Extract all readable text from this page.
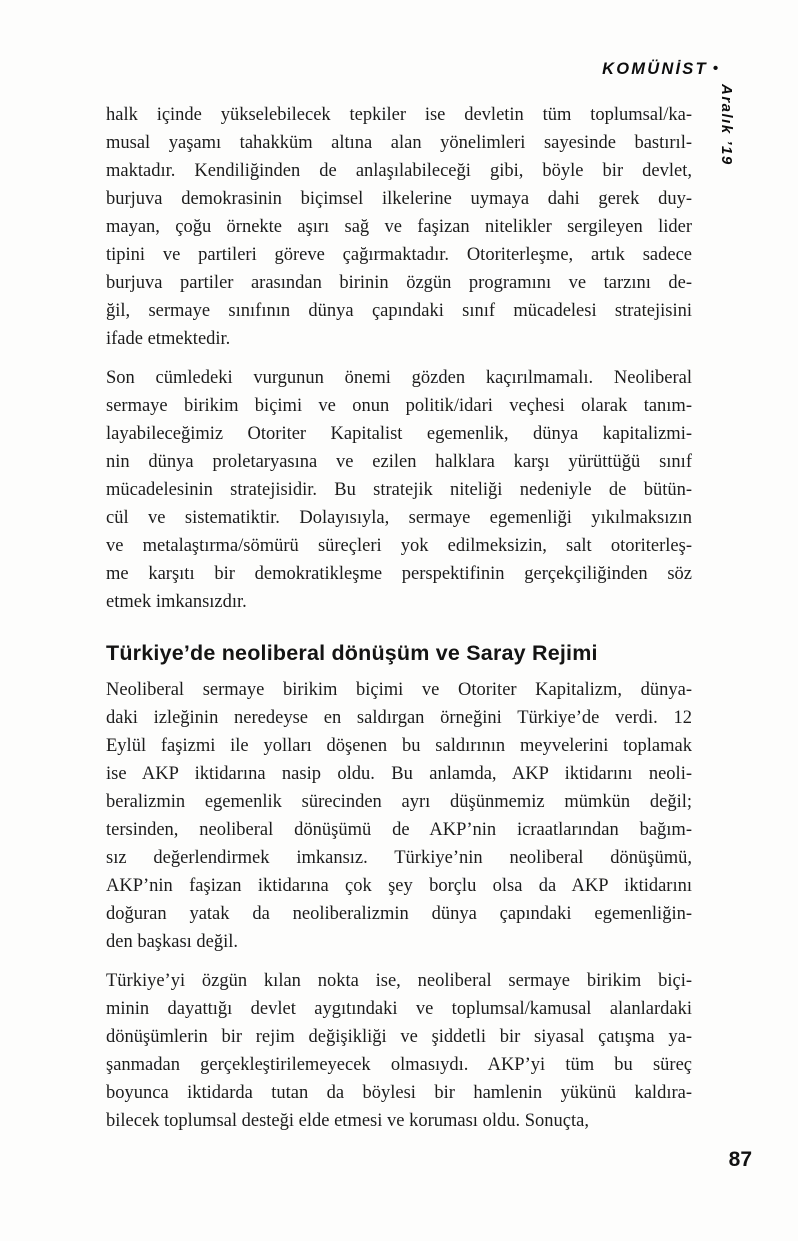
KOMÜNİST •
Aralık ’19
halk içinde yükselebilecek tepkiler ise devletin tüm toplumsal/ka-
musal yaşamı tahakküm altına alan yönelimleri sayesinde bastırıl-
maktadır. Kendiliğinden de anlaşılabileceği gibi, böyle bir devlet,
burjuva demokrasinin biçimsel ilkelerine uymaya dahi gerek duy-
mayan, çoğu örnekte aşırı sağ ve faşizan nitelikler sergileyen lider
tipini ve partileri göreve çağırmaktadır. Otoriterleşme, artık sadece
burjuva partiler arasından birinin özgün programını ve tarzını de-
ğil, sermaye sınıfının dünya çapındaki sınıf mücadelesi stratejisini
ifade etmektedir.
Son cümledeki vurgunun önemi gözden kaçırılmamalı. Neoliberal
sermaye birikim biçimi ve onun politik/idari veçhesi olarak tanım-
layabileceğimiz Otoriter Kapitalist egemenlik, dünya kapitalizmi-
nin dünya proletaryasına ve ezilen halklara karşı yürüttüğü sınıf
mücadelesinin stratejisidir. Bu stratejik niteliği nedeniyle de bütün-
cül ve sistematiktir. Dolayısıyla, sermaye egemenliği yıkılmaksızın
ve metalaştırma/sömürü süreçleri yok edilmeksizin, salt otoriterleş-
me karşıtı bir demokratikleşme perspektifinin gerçekçiliğinden söz
etmek imkansızdır.
Türkiye’de neoliberal dönüşüm ve Saray Rejimi
Neoliberal sermaye birikim biçimi ve Otoriter Kapitalizm, dünya-
daki izleğinin neredeyse en saldırgan örneğini Türkiye’de verdi. 12
Eylül faşizmi ile yolları döşenen bu saldırının meyvelerini toplamak
ise AKP iktidarına nasip oldu. Bu anlamda, AKP iktidarını neoli-
beralizmin egemenlik sürecinden ayrı düşünmemiz mümkün değil;
tersinden, neoliberal dönüşümü de AKP’nin icraatlarından bağım-
sız değerlendirmek imkansız. Türkiye’nin neoliberal dönüşümü,
AKP’nin faşizan iktidarına çok şey borçlu olsa da AKP iktidarını
doğuran yatak da neoliberalizmin dünya çapındaki egemenliğin-
den başkası değil.
Türkiye’yi özgün kılan nokta ise, neoliberal sermaye birikim biçi-
minin dayattığı devlet aygıtındaki ve toplumsal/kamusal alanlardaki
dönüşümlerin bir rejim değişikliği ve şiddetli bir siyasal çatışma ya-
şanmadan gerçekleştirilemeyecek olmasıydı. AKP’yi tüm bu süreç
boyunca iktidarda tutan da böylesi bir hamlenin yükünü kaldıra-
bilecek toplumsal desteği elde etmesi ve koruması oldu. Sonuçta,
87
